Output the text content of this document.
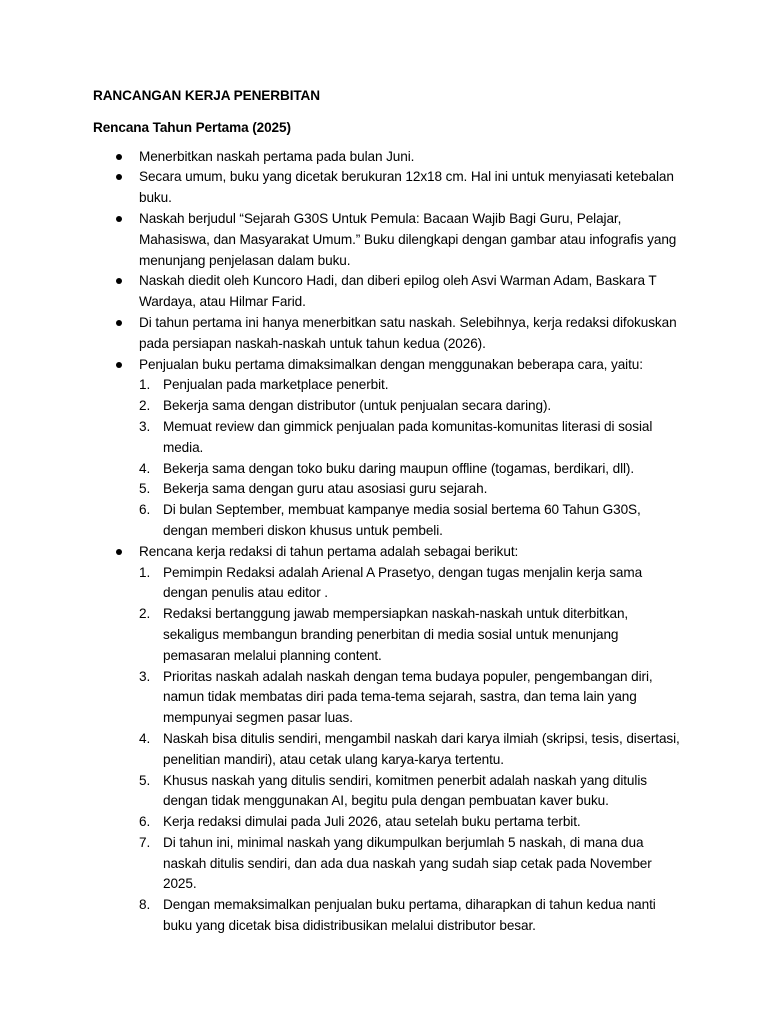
RANCANGAN KERJA PENERBITAN
Rencana Tahun Pertama (2025)
Menerbitkan naskah pertama pada bulan Juni.
Secara umum, buku yang dicetak berukuran 12x18 cm. Hal ini untuk menyiasati ketebalan buku.
Naskah berjudul “Sejarah G30S Untuk Pemula: Bacaan Wajib Bagi Guru, Pelajar, Mahasiswa, dan Masyarakat Umum.” Buku dilengkapi dengan gambar atau infografis yang menunjang penjelasan dalam buku.
Naskah diedit oleh Kuncoro Hadi, dan diberi epilog oleh Asvi Warman Adam, Baskara T Wardaya, atau Hilmar Farid.
Di tahun pertama ini hanya menerbitkan satu naskah. Selebihnya, kerja redaksi difokuskan pada persiapan naskah-naskah untuk tahun kedua (2026).
Penjualan buku pertama dimaksimalkan dengan menggunakan beberapa cara, yaitu:
1. Penjualan pada marketplace penerbit.
2. Bekerja sama dengan distributor (untuk penjualan secara daring).
3. Memuat review dan gimmick penjualan pada komunitas-komunitas literasi di sosial media.
4. Bekerja sama dengan toko buku daring maupun offline (togamas, berdikari, dll).
5. Bekerja sama dengan guru atau asosiasi guru sejarah.
6. Di bulan September, membuat kampanye media sosial bertema 60 Tahun G30S, dengan memberi diskon khusus untuk pembeli.
Rencana kerja redaksi di tahun pertama adalah sebagai berikut:
1. Pemimpin Redaksi adalah Arienal A Prasetyo, dengan tugas menjalin kerja sama dengan penulis atau editor .
2. Redaksi bertanggung jawab mempersiapkan naskah-naskah untuk diterbitkan, sekaligus membangun branding penerbitan di media sosial untuk menunjang pemasaran melalui planning content.
3. Prioritas naskah adalah naskah dengan tema budaya populer, pengembangan diri, namun tidak membatas diri pada tema-tema sejarah, sastra, dan tema lain yang mempunyai segmen pasar luas.
4. Naskah bisa ditulis sendiri, mengambil naskah dari karya ilmiah (skripsi, tesis, disertasi, penelitian mandiri), atau cetak ulang karya-karya tertentu.
5. Khusus naskah yang ditulis sendiri, komitmen penerbit adalah naskah yang ditulis dengan tidak menggunakan AI, begitu pula dengan pembuatan kaver buku.
6. Kerja redaksi dimulai pada Juli 2026, atau setelah buku pertama terbit.
7. Di tahun ini, minimal naskah yang dikumpulkan berjumlah 5 naskah, di mana dua naskah ditulis sendiri, dan ada dua naskah yang sudah siap cetak pada November 2025.
8. Dengan memaksimalkan penjualan buku pertama, diharapkan di tahun kedua nanti buku yang dicetak bisa didistribusikan melalui distributor besar.
